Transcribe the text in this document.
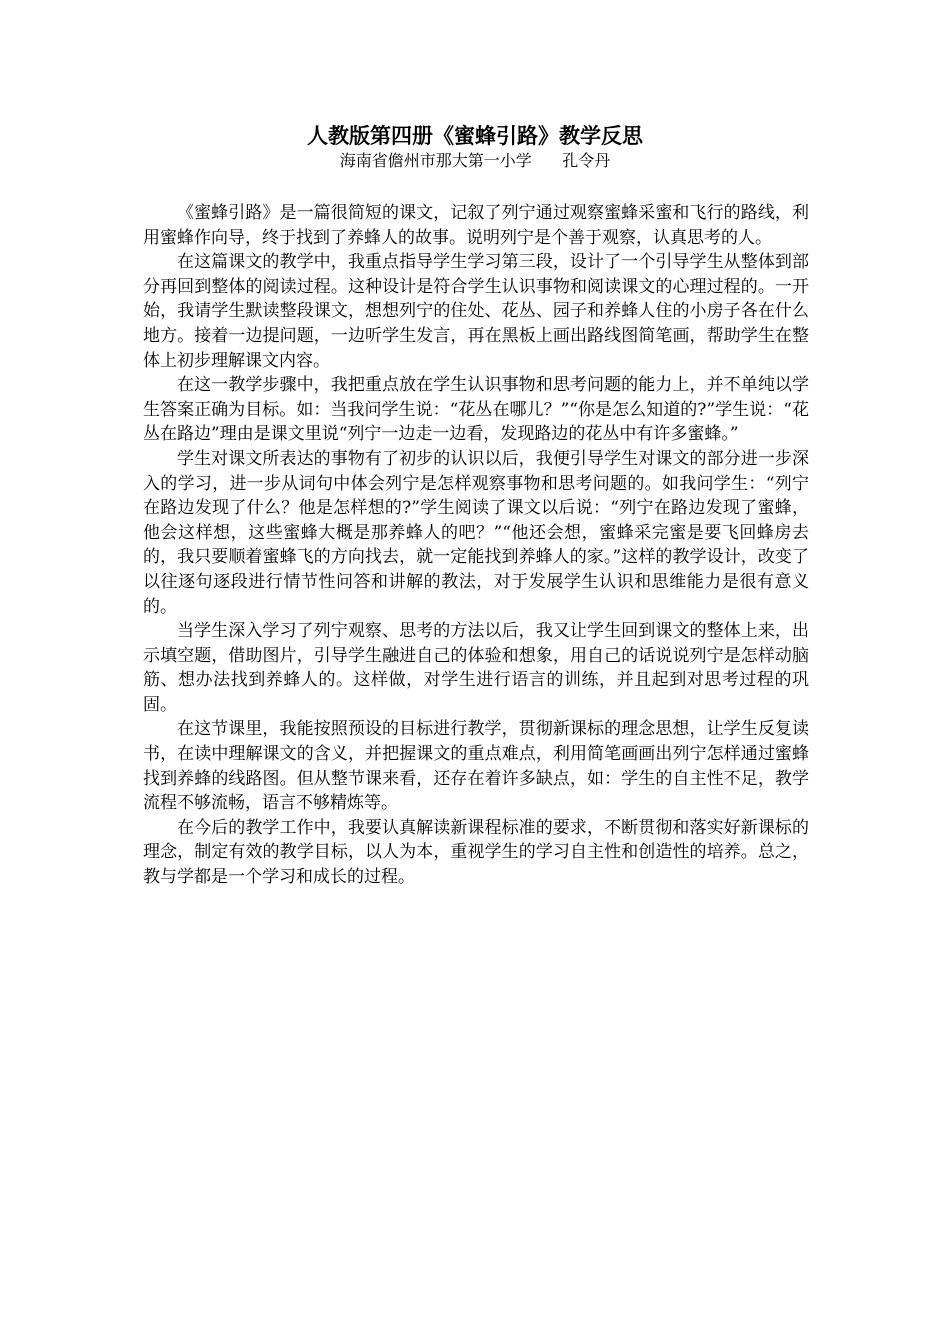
人教版第四册《蜜蜂引路》教学反思
海南省儋州市那大第一小学      孔令丹

《蜜蜂引路》是一篇很简短的课文，记叙了列宁通过观察蜜蜂采蜜和飞行的路线，利用蜜蜂作向导，终于找到了养蜂人的故事。说明列宁是个善于观察，认真思考的人。

在这篇课文的教学中，我重点指导学生学习第三段，设计了一个引导学生从整体到部分再回到整体的阅读过程。这种设计是符合学生认识事物和阅读课文的心理过程的。一开始，我请学生默读整段课文，想想列宁的住处、花丛、园子和养蜂人住的小房子各在什么地方。接着一边提问题，一边听学生发言，再在黑板上画出路线图简笔画，帮助学生在整体上初步理解课文内容。

在这一教学步骤中，我把重点放在学生认识事物和思考问题的能力上，并不单纯以学生答案正确为目标。如：当我问学生说：“花丛在哪儿？”“你是怎么知道的?”学生说：“花丛在路边”理由是课文里说“列宁一边走一边看，发现路边的花丛中有许多蜜蜂。”

学生对课文所表达的事物有了初步的认识以后，我便引导学生对课文的部分进一步深入的学习，进一步从词句中体会列宁是怎样观察事物和思考问题的。如我问学生：“列宁在路边发现了什么？他是怎样想的?”学生阅读了课文以后说：“列宁在路边发现了蜜蜂，他会这样想，这些蜜蜂大概是那养蜂人的吧？”“他还会想，蜜蜂采完蜜是要飞回蜂房去的，我只要顺着蜜蜂飞的方向找去，就一定能找到养蜂人的家。”这样的教学设计，改变了以往逐句逐段进行情节性问答和讲解的教法，对于发展学生认识和思维能力是很有意义的。

当学生深入学习了列宁观察、思考的方法以后，我又让学生回到课文的整体上来，出示填空题，借助图片，引导学生融进自己的体验和想象，用自己的话说说列宁是怎样动脑筋、想办法找到养蜂人的。这样做，对学生进行语言的训练，并且起到对思考过程的巩固。

在这节课里，我能按照预设的目标进行教学，贯彻新课标的理念思想，让学生反复读书，在读中理解课文的含义，并把握课文的重点难点，利用简笔画画出列宁怎样通过蜜蜂找到养蜂的线路图。但从整节课来看，还存在着许多缺点，如：学生的自主性不足，教学流程不够流畅，语言不够精炼等。

在今后的教学工作中，我要认真解读新课程标准的要求，不断贯彻和落实好新课标的理念，制定有效的教学目标，以人为本，重视学生的学习自主性和创造性的培养。总之，教与学都是一个学习和成长的过程。
